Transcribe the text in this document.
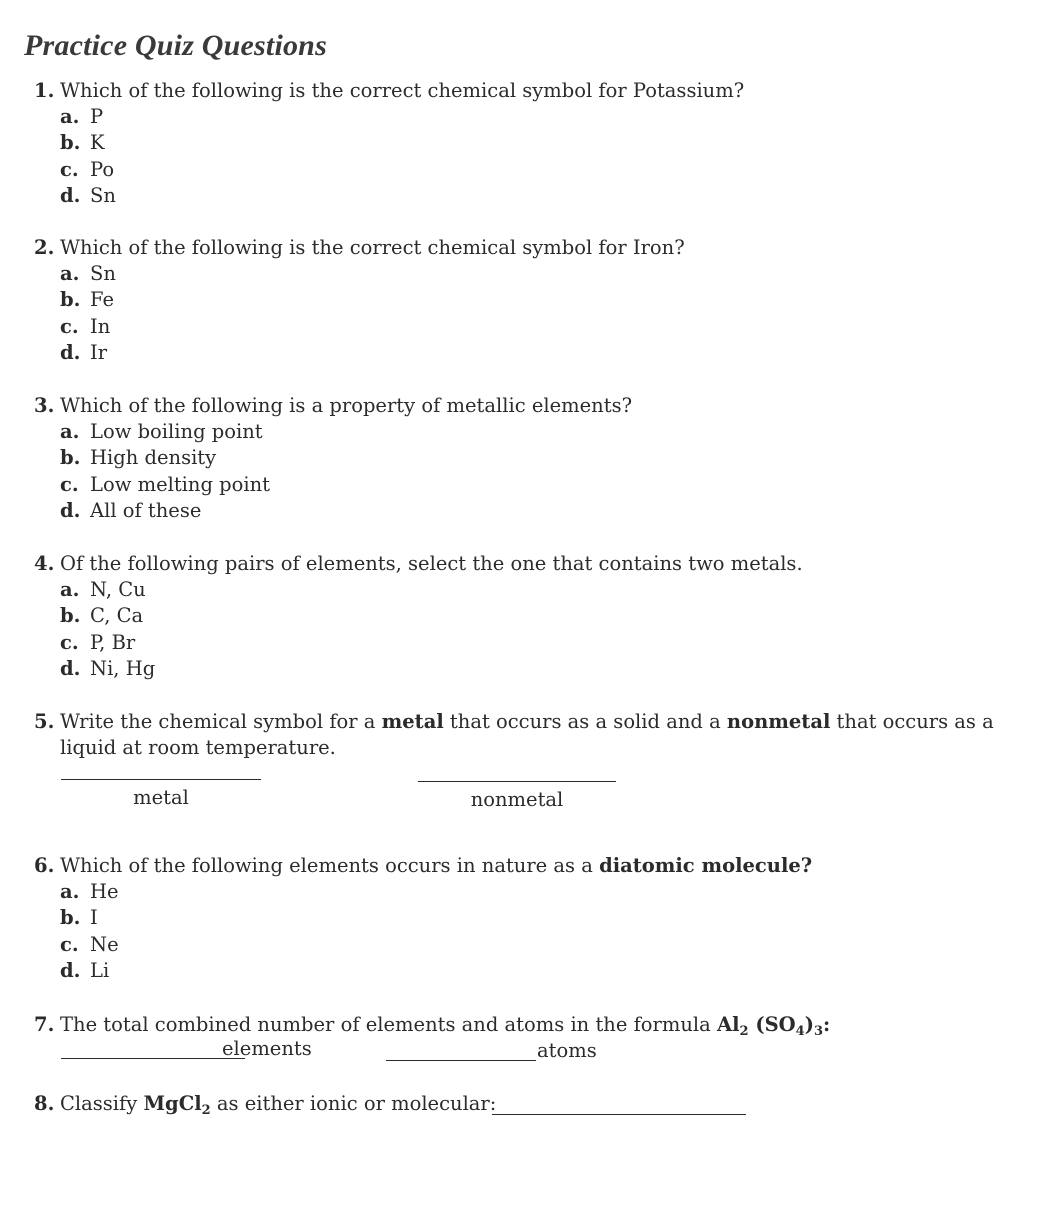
Practice Quiz Questions
1. Which of the following is the correct chemical symbol for Potassium?
a. P
b. K
c. Po
d. Sn
2. Which of the following is the correct chemical symbol for Iron?
a. Sn
b. Fe
c. In
d. Ir
3. Which of the following is a property of metallic elements?
a. Low boiling point
b. High density
c. Low melting point
d. All of these
4. Of the following pairs of elements, select the one that contains two metals.
a. N, Cu
b. C, Ca
c. P, Br
d. Ni, Hg
5. Write the chemical symbol for a metal that occurs as a solid and a nonmetal that occurs as a liquid at room temperature.
metal	nonmetal
6. Which of the following elements occurs in nature as a diatomic molecule?
a. He
b. I
c. Ne
d. Li
7. The total combined number of elements and atoms in the formula $Al_2$ $(SO_4)_3$:
elements	atoms
8. Classify MgCl$_2$ as either ionic or molecular:
